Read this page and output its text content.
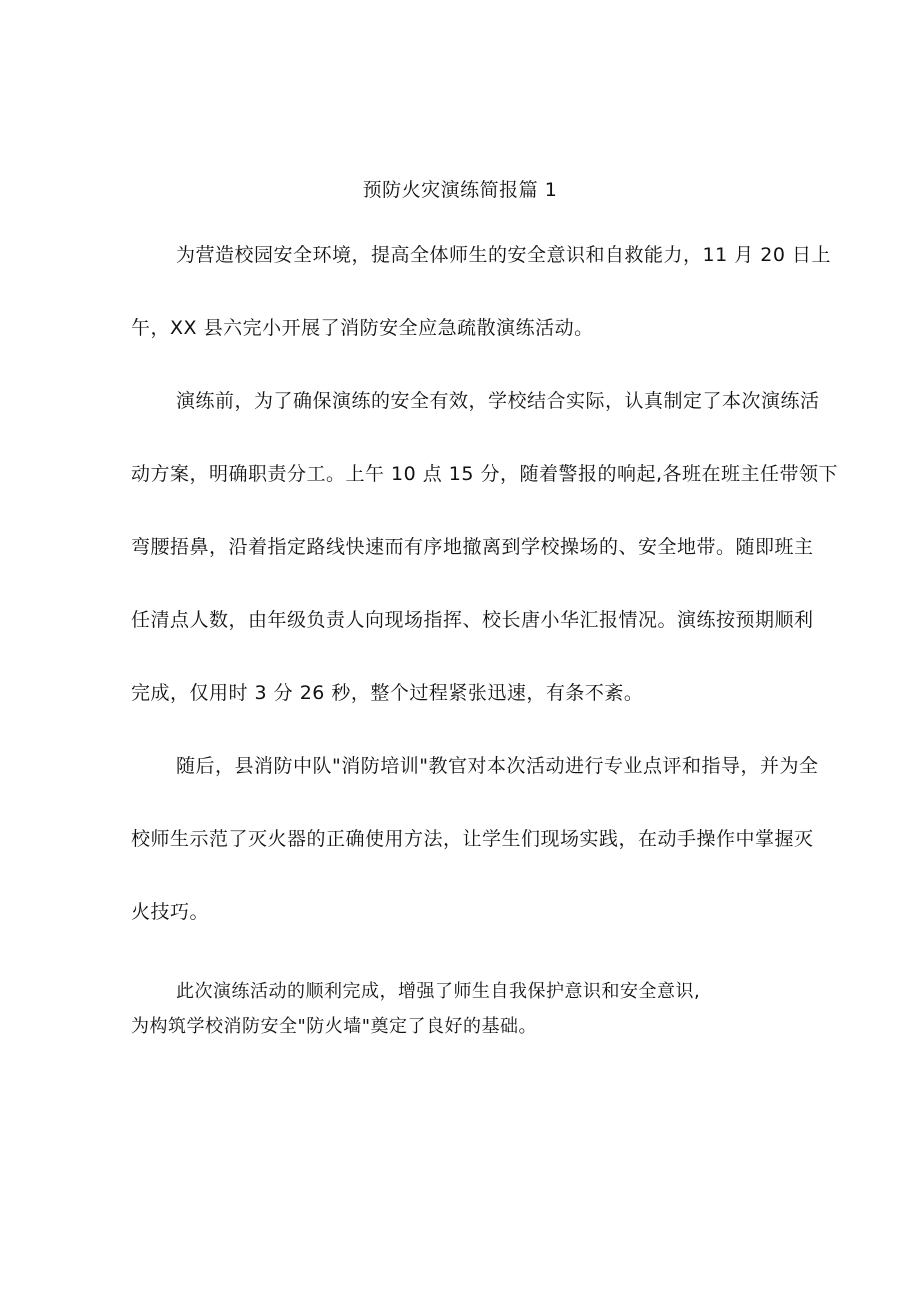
预防火灾演练简报篇 1
为营造校园安全环境，提高全体师生的安全意识和自救能力，11 月 20 日上
午，XX 县六完小开展了消防安全应急疏散演练活动。
演练前，为了确保演练的安全有效，学校结合实际，认真制定了本次演练活
动方案，明确职责分工。上午 10 点 15 分，随着警报的响起,各班在班主任带领下
弯腰捂鼻，沿着指定路线快速而有序地撤离到学校操场的、安全地带。随即班主
任清点人数，由年级负责人向现场指挥、校长唐小华汇报情况。演练按预期顺利
完成，仅用时 3 分 26 秒，整个过程紧张迅速，有条不紊。
随后，县消防中队"消防培训"教官对本次活动进行专业点评和指导，并为全
校师生示范了灭火器的正确使用方法，让学生们现场实践，在动手操作中掌握灭
火技巧。
此次演练活动的顺利完成，增强了师生自我保护意识和安全意识,
为构筑学校消防安全"防火墙"奠定了良好的基础。
